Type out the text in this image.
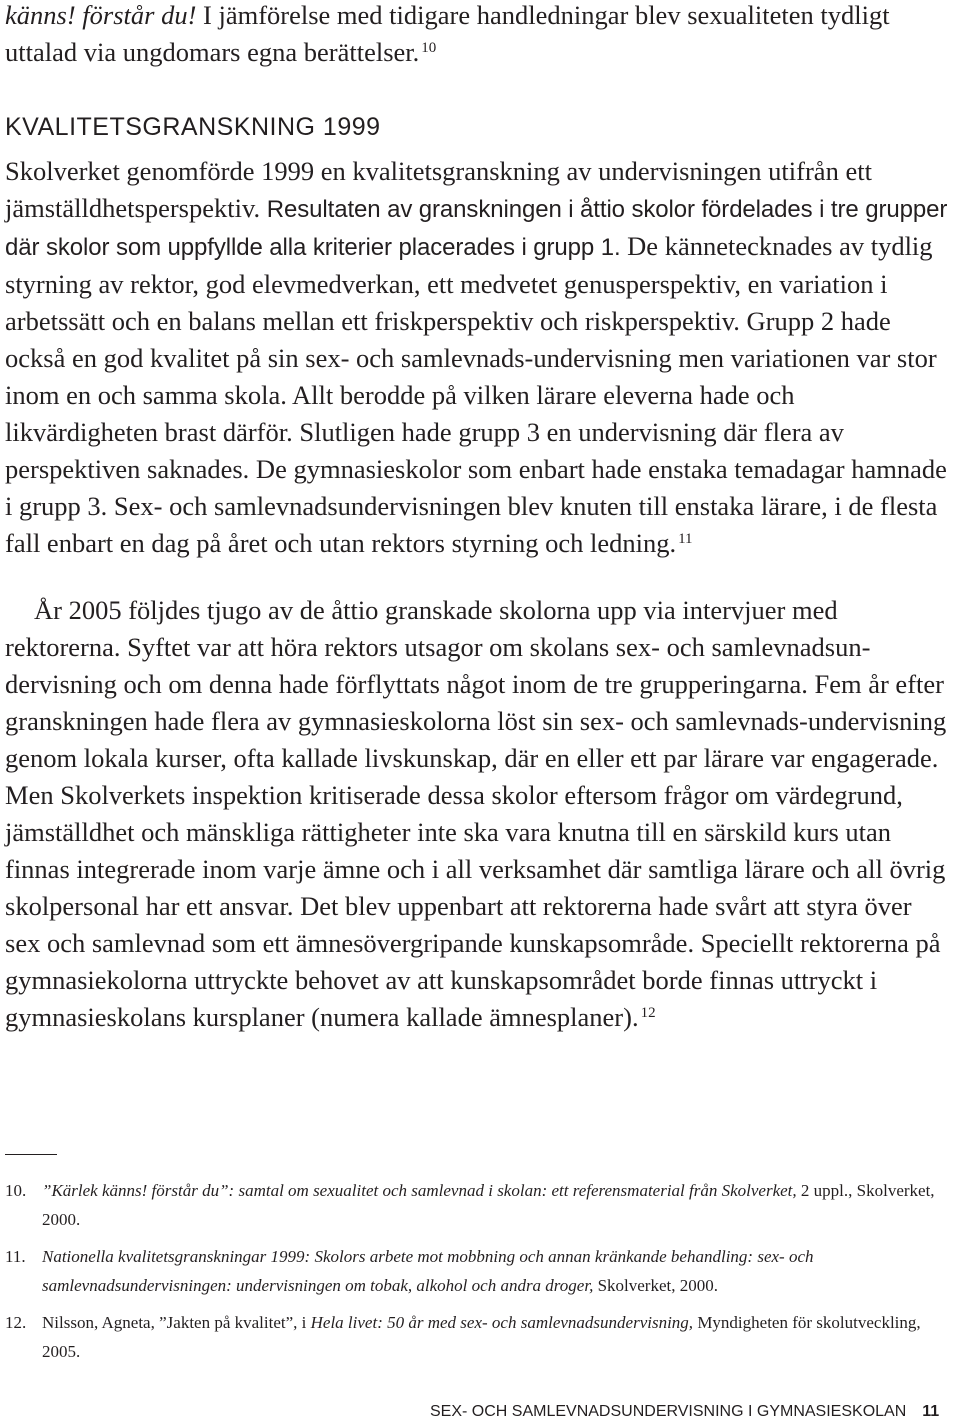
känns! förstår du! I jämförelse med tidigare handledningar blev sexualiteten tydligt uttalad via ungdomars egna berättelser. $^{10}$

KVALITETSGRANSKNING 1999

Skolverket genomförde 1999 en kvalitetsgranskning av undervisningen utifrån ett jämställdhetsperspektiv. Resultaten av granskningen i åttio skolor fördelades i tre grupper där skolor som uppfyllde alla kriterier placerades i grupp 1. De kännetecknades av tydlig styrning av rektor, god elevmedverkan, ett medvetet genusperspektiv, en variation i arbetssätt och en balans mellan ett friskperspektiv och riskperspektiv. Grupp 2 hade också en god kvalitet på sin sex- och samlevnads-undervisning men variationen var stor inom en och samma skola. Allt berodde på vilken lärare eleverna hade och likvärdigheten brast därför. Slutligen hade grupp 3 en undervisning där flera av perspektiven saknades. De gymnasieskolor som enbart hade enstaka temadagar hamnade i grupp 3. Sex- och samlevnadsundervisningen blev knuten till enstaka lärare, i de flesta fall enbart en dag på året och utan rektors styrning och ledning. $^{11}$

År 2005 följdes tjugo av de åttio granskade skolorna upp via intervjuer med rektorerna. Syftet var att höra rektors utsagor om skolans sex- och samlevnadsun-dervisning och om denna hade förflyttats något inom de tre grupperingarna. Fem år efter granskningen hade flera av gymnasieskolorna löst sin sex- och samlevnads-undervisning genom lokala kurser, ofta kallade livskunskap, där en eller ett par lärare var engagerade. Men Skolverkets inspektion kritiserade dessa skolor eftersom frågor om värdegrund, jämställdhet och mänskliga rättigheter inte ska vara knutna till en särskild kurs utan finnas integrerade inom varje ämne och i all verksamhet där samtliga lärare och all övrig skolpersonal har ett ansvar. Det blev uppenbart att rektorerna hade svårt att styra över sex och samlevnad som ett ämnesövergripande kunskapsområde. Speciellt rektorerna på gymnasiekolorna uttryckte behovet av att kunskapsområdet borde finnas uttryckt i gymnasieskolans kursplaner (numera kallade ämnesplaner). $^{12}$

10. ”Kärlek känns! förstår du”: samtal om sexualitet och samlevnad i skolan: ett referensmaterial från Skolverket, 2 uppl., Skolverket, 2000.

11. Nationella kvalitetsgranskningar 1999: Skolors arbete mot mobbning och annan kränkande behandling: sex- och samlevnadsundervisningen: undervisningen om tobak, alkohol och andra droger, Skolverket, 2000.

12. Nilsson, Agneta, ”Jakten på kvalitet”, i Hela livet: 50 år med sex- och samlevnadsundervisning, Myndigheten för skolutveckling, 2005.

SEX- OCH SAMLEVNADSUNDERVISNING I GYMNASIESKOLAN 11
